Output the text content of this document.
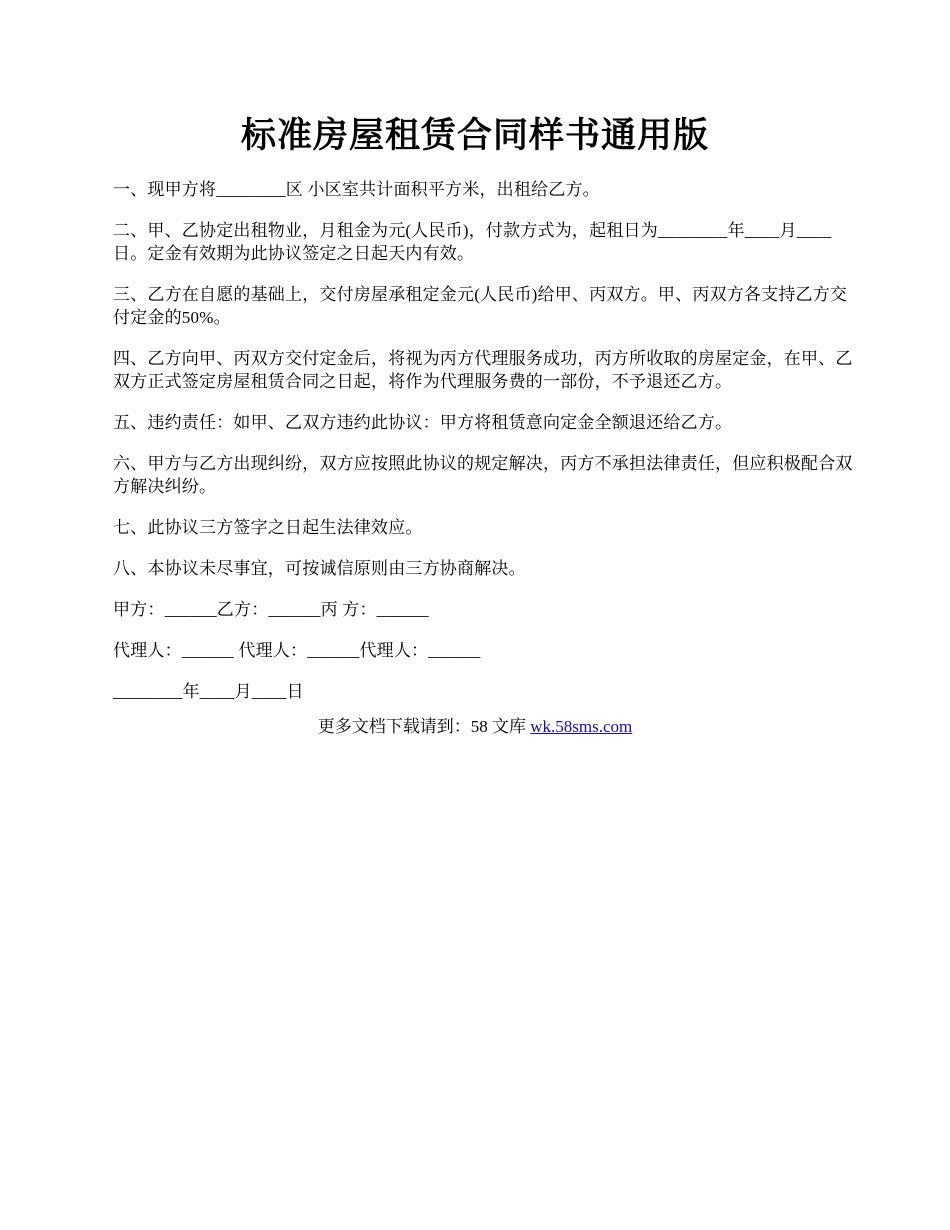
标准房屋租赁合同样书通用版

一、现甲方将________区 小区室共计面积平方米，出租给乙方。

二、甲、乙协定出租物业，月租金为元(人民币)，付款方式为，起租日为________年____月____日。定金有效期为此协议签定之日起天内有效。

三、乙方在自愿的基础上，交付房屋承租定金元(人民币)给甲、丙双方。甲、丙双方各支持乙方交付定金的50%。

四、乙方向甲、丙双方交付定金后，将视为丙方代理服务成功，丙方所收取的房屋定金，在甲、乙双方正式签定房屋租赁合同之日起，将作为代理服务费的一部份，不予退还乙方。

五、违约责任：如甲、乙双方违约此协议：甲方将租赁意向定金全额退还给乙方。

六、甲方与乙方出现纠纷，双方应按照此协议的规定解决，丙方不承担法律责任，但应积极配合双方解决纠纷。

七、此协议三方签字之日起生法律效应。

八、本协议未尽事宜，可按诚信原则由三方协商解决。

甲方：______乙方：______丙 方：______

代理人：______ 代理人：______代理人：______

________年____月____日

更多文档下载请到：58 文库 wk.58sms.com
